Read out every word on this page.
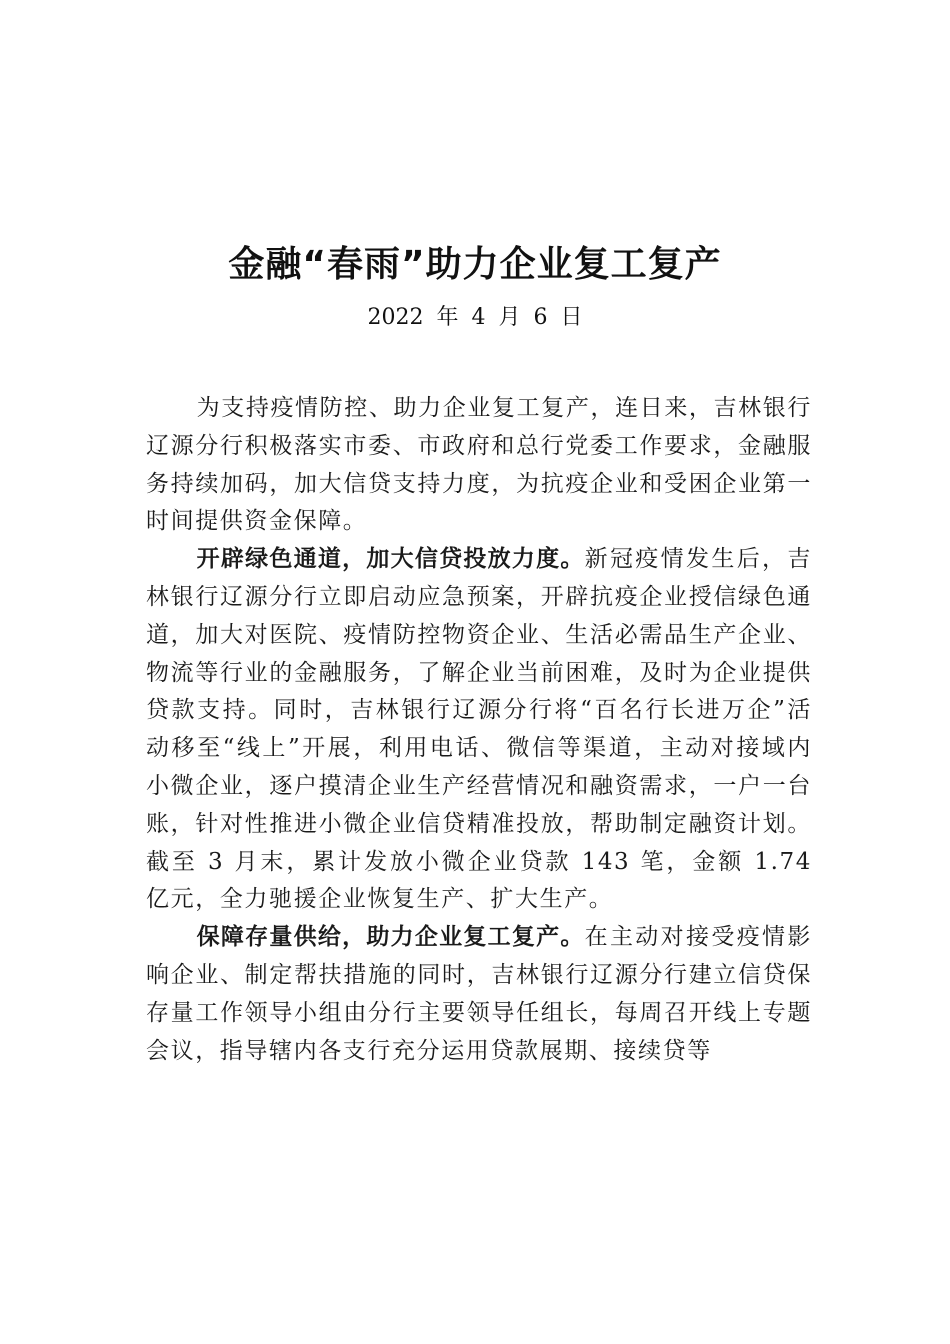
金融“春雨”助力企业复工复产
2022 年 4 月 6 日

为支持疫情防控、助力企业复工复产，连日来，吉林银行辽源分行积极落实市委、市政府和总行党委工作要求，金融服务持续加码，加大信贷支持力度，为抗疫企业和受困企业第一时间提供资金保障。

开辟绿色通道，加大信贷投放力度。新冠疫情发生后，吉林银行辽源分行立即启动应急预案，开辟抗疫企业授信绿色通道，加大对医院、疫情防控物资企业、生活必需品生产企业、物流等行业的金融服务，了解企业当前困难，及时为企业提供贷款支持。同时，吉林银行辽源分行将“百名行长进万企”活动移至“线上”开展，利用电话、微信等渠道，主动对接域内小微企业，逐户摸清企业生产经营情况和融资需求，一户一台账，针对性推进小微企业信贷精准投放，帮助制定融资计划。截至 3 月末，累计发放小微企业贷款 143 笔，金额 1.74 亿元，全力驰援企业恢复生产、扩大生产。

保障存量供给，助力企业复工复产。在主动对接受疫情影响企业、制定帮扶措施的同时，吉林银行辽源分行建立信贷保存量工作领导小组由分行主要领导任组长，每周召开线上专题会议，指导辖内各支行充分运用贷款展期、接续贷等
